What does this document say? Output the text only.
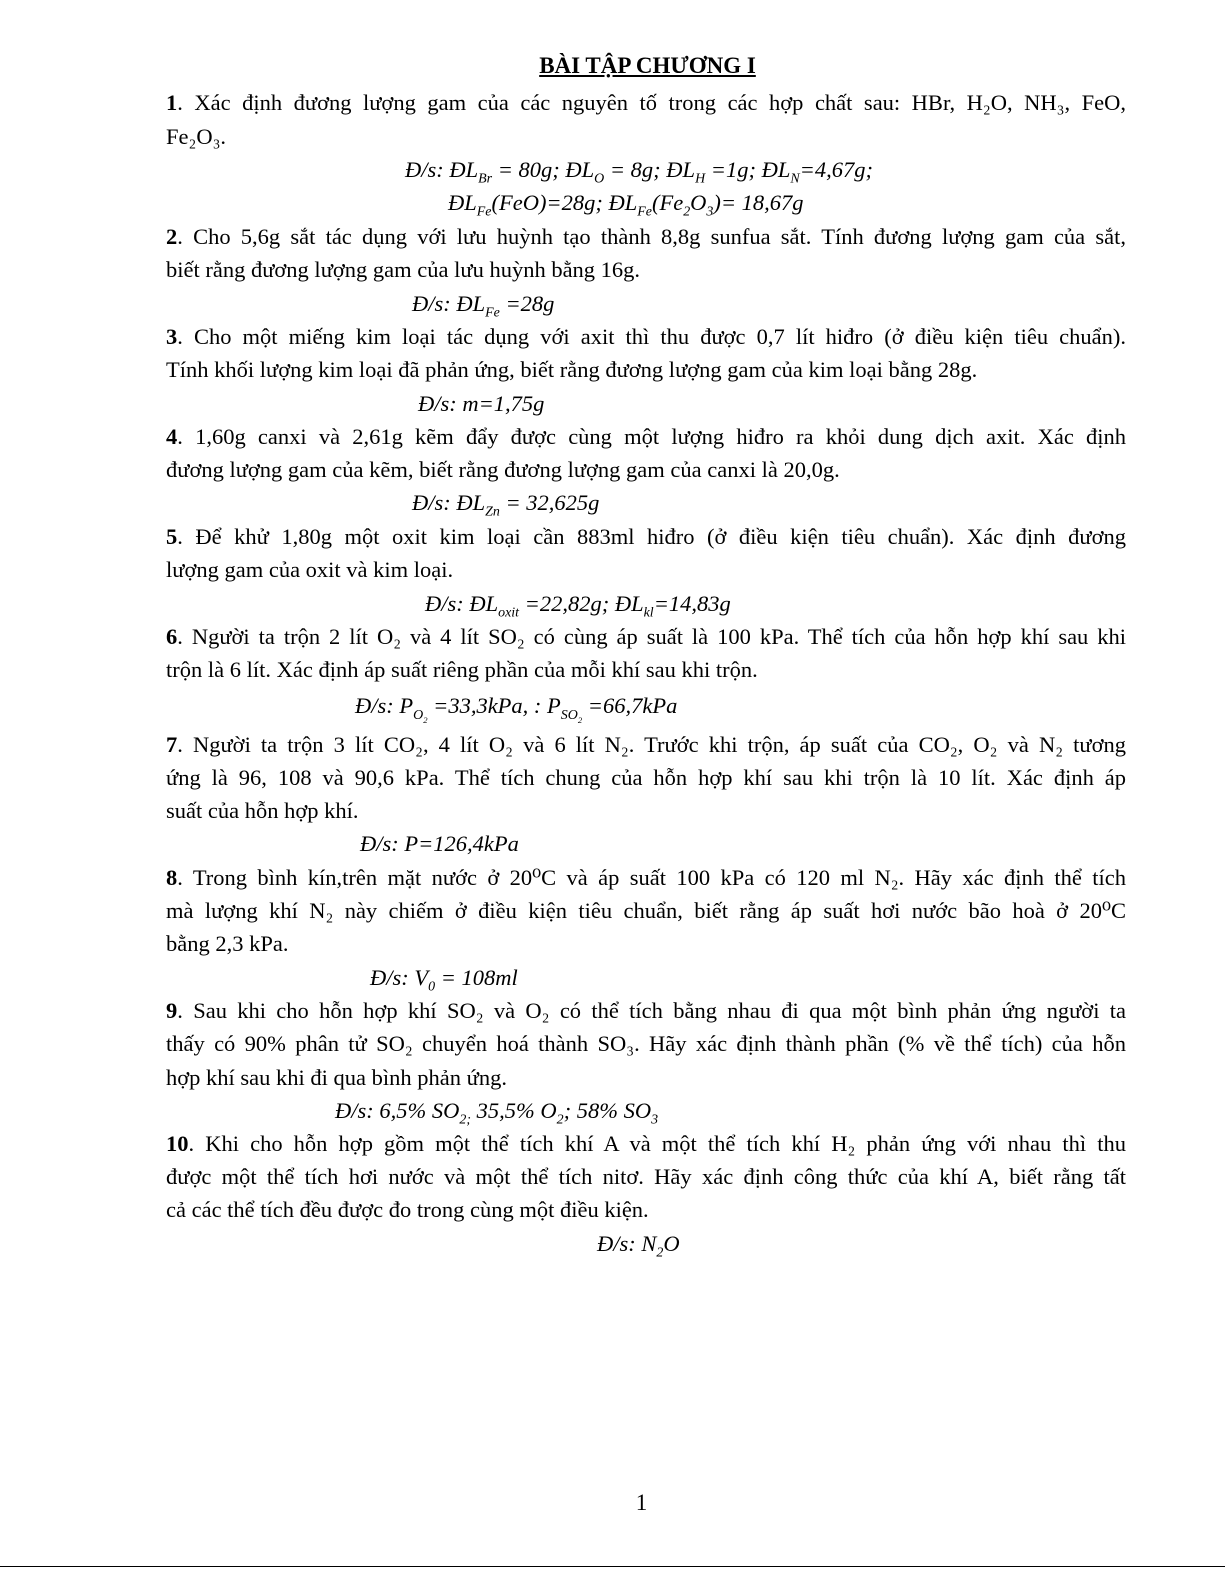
BÀI TẬP CHƯƠNG I
1. Xác định đương lượng gam của các nguyên tố trong các hợp chất sau: HBr, H₂O, NH₃, FeO,
Fe₂O₃.
Đ/s: $ĐL_{Br} = 80g$; $ĐL_O = 8g$; $ĐL_H =1g$; $ĐL_N=4,67g$;
$ĐL_{Fe}(FeO)=28g$; $ĐL_{Fe}(Fe_2O_3)= 18,67g$
2. Cho 5,6g sắt tác dụng với lưu huỳnh tạo thành 8,8g sunfua sắt. Tính đương lượng gam của sắt,
biết rằng đương lượng gam của lưu huỳnh bằng 16g.
Đ/s: $ĐL_{Fe} =28g$
3. Cho một miếng kim loại tác dụng với axit thì thu được 0,7 lít hiđro (ở điều kiện tiêu chuẩn).
Tính khối lượng kim loại đã phản ứng, biết rằng đương lượng gam của kim loại bằng 28g.
Đ/s: m=1,75g
4. 1,60g canxi và 2,61g kẽm đẩy được cùng một lượng hiđro ra khỏi dung dịch axit. Xác định
đương lượng gam của kẽm, biết rằng đương lượng gam của canxi là 20,0g.
Đ/s: $ĐL_{Zn} = 32,625g$
5. Để khử 1,80g một oxit kim loại cần 883ml hiđro (ở điều kiện tiêu chuẩn). Xác định đương
lượng gam của oxit và kim loại.
Đ/s: $ĐL_{oxit} =22,82g$; $ĐL_{kl}=14,83g$
6. Người ta trộn 2 lít O₂ và 4 lít SO₂ có cùng áp suất là 100 kPa. Thể tích của hỗn hợp khí sau khi
trộn là 6 lít. Xác định áp suất riêng phần của mỗi khí sau khi trộn.
Đ/s: $P_{O_2} =33,3kPa$, : $P_{SO_2} =66,7kPa$
7. Người ta trộn 3 lít CO₂, 4 lít O₂ và 6 lít N₂. Trước khi trộn, áp suất của CO₂, O₂ và N₂ tương
ứng là 96, 108 và 90,6 kPa. Thể tích chung của hỗn hợp khí sau khi trộn là 10 lít. Xác định áp
suất của hỗn hợp khí.
Đ/s: P=126,4kPa
8. Trong bình kín,trên mặt nước ở 20⁰C và áp suất 100 kPa có 120 ml N₂. Hãy xác định thể tích
mà lượng khí N₂ này chiếm ở điều kiện tiêu chuẩn, biết rằng áp suất hơi nước bão hoà ở 20⁰C
bằng 2,3 kPa.
Đ/s: $V_0 = 108ml$
9. Sau khi cho hỗn hợp khí SO₂ và O₂ có thể tích bằng nhau đi qua một bình phản ứng người ta
thấy có 90% phân tử SO₂ chuyển hoá thành SO₃. Hãy xác định thành phần (% về thể tích) của hỗn
hợp khí sau khi đi qua bình phản ứng.
Đ/s: 6,5% $SO_{2;}$ 35,5% $O_2$; 58% $SO_3$
10. Khi cho hỗn hợp gồm một thể tích khí A và một thể tích khí H₂ phản ứng với nhau thì thu
được một thể tích hơi nước và một thể tích nitơ. Hãy xác định công thức của khí A, biết rằng tất
cả các thể tích đều được đo trong cùng một điều kiện.
Đ/s: $N_2O$
1
